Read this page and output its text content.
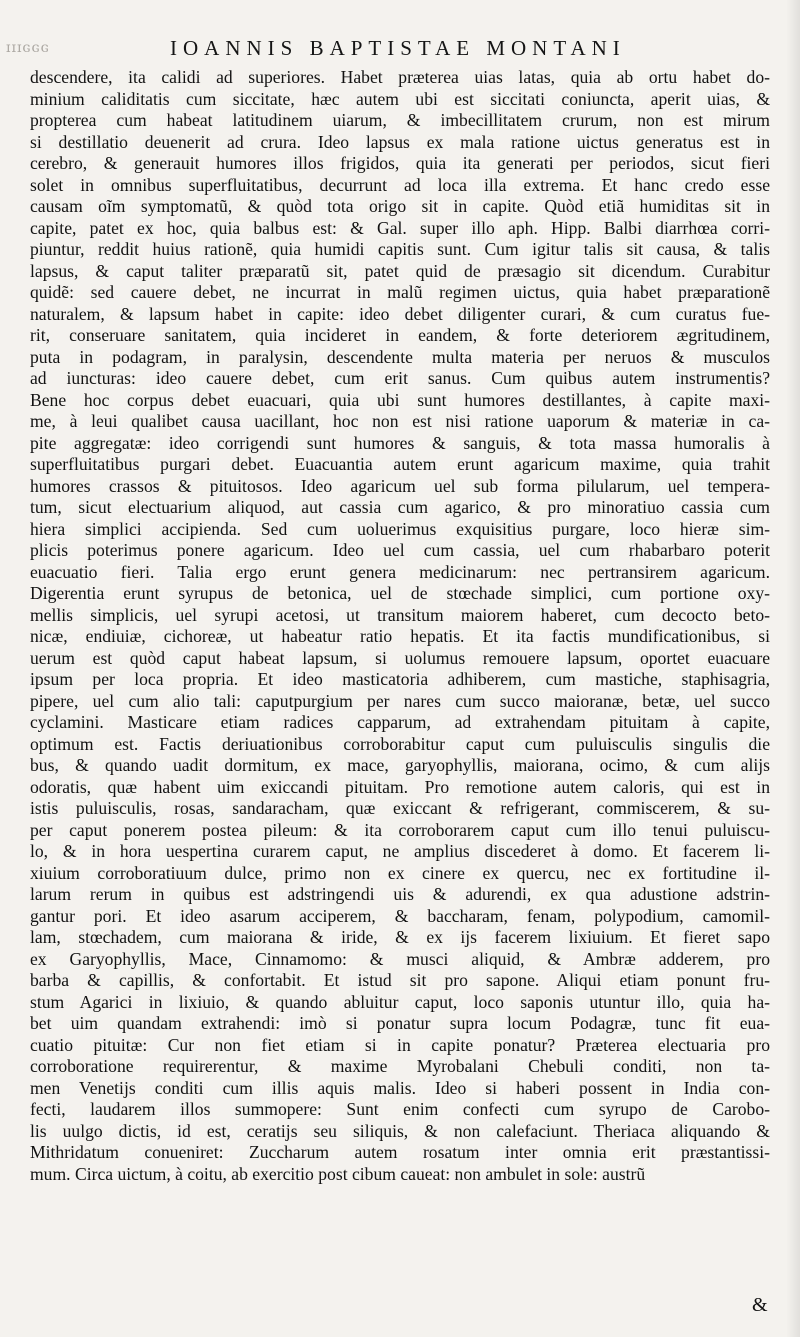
ɪɪɪɢɢɢ	IOANNIS BAPTISTAE MONTANI
descendere, ita calidi ad superiores. Habet præterea uias latas, quia ab ortu habet do-
minium caliditatis cum siccitate, hæc autem ubi est siccitati coniuncta, aperit uias, &
propterea cum habeat latitudinem uiarum, & imbecillitatem crurum, non est mirum
si destillatio deuenerit ad crura. Ideo lapsus ex mala ratione uictus generatus est in
cerebro, & generauit humores illos frigidos, quia ita generati per periodos, sicut fieri
solet in omnibus superfluitatibus, decurrunt ad loca illa extrema. Et hanc credo esse
causam oĩm symptomatũ, & quòd tota origo sit in capite. Quòd etiã humiditas sit in
capite, patet ex hoc, quia balbus est: & Gal. super illo aph. Hipp. Balbi diarrhœa corri-
piuntur, reddit huius rationẽ, quia humidi capitis sunt. Cum igitur talis sit causa, & talis
lapsus, & caput taliter præparatũ sit, patet quid de præsagio sit dicendum. Curabitur
quidẽ: sed cauere debet, ne incurrat in malũ regimen uictus, quia habet præparationẽ
naturalem, & lapsum habet in capite: ideo debet diligenter curari, & cum curatus fue-
rit, conseruare sanitatem, quia incideret in eandem, & forte deteriorem ægritudinem,
puta in podagram, in paralysin, descendente multa materia per neruos & musculos
ad iuncturas: ideo cauere debet, cum erit sanus. Cum quibus autem instrumentis?
Bene hoc corpus debet euacuari, quia ubi sunt humores destillantes, à capite maxi-
me, à leui qualibet causa uacillant, hoc non est nisi ratione uaporum & materiæ in ca-
pite aggregatæ: ideo corrigendi sunt humores & sanguis, & tota massa humoralis à
superfluitatibus purgari debet. Euacuantia autem erunt agaricum maxime, quia trahit
humores crassos & pituitosos. Ideo agaricum uel sub forma pilularum, uel tempera-
tum, sicut electuarium aliquod, aut cassia cum agarico, & pro minoratiuo cassia cum
hiera simplici accipienda. Sed cum uoluerimus exquisitius purgare, loco hieræ sim-
plicis poterimus ponere agaricum. Ideo uel cum cassia, uel cum rhabarbaro poterit
euacuatio fieri. Talia ergo erunt genera medicinarum: nec pertransirem agaricum.
Digerentia erunt syrupus de betonica, uel de stœchade simplici, cum portione oxy-
mellis simplicis, uel syrupi acetosi, ut transitum maiorem haberet, cum decocto beto-
nicæ, endiuiæ, cichoreæ, ut habeatur ratio hepatis. Et ita factis mundificationibus, si
uerum est quòd caput habeat lapsum, si uolumus remouere lapsum, oportet euacuare
ipsum per loca propria. Et ideo masticatoria adhiberem, cum mastiche, staphisagria,
pipere, uel cum alio tali: caputpurgium per nares cum succo maioranæ, betæ, uel succo
cyclamini. Masticare etiam radices capparum, ad extrahendam pituitam à capite,
optimum est. Factis deriuationibus corroborabitur caput cum puluisculis singulis die
bus, & quando uadit dormitum, ex mace, garyophyllis, maiorana, ocimo, & cum alijs
odoratis, quæ habent uim exiccandi pituitam. Pro remotione autem caloris, qui est in
istis puluisculis, rosas, sandaracham, quæ exiccant & refrigerant, commiscerem, & su-
per caput ponerem postea pileum: & ita corroborarem caput cum illo tenui puluiscu-
lo, & in hora uespertina curarem caput, ne amplius discederet à domo. Et facerem li-
xiuium corroboratiuum dulce, primo non ex cinere ex quercu, nec ex fortitudine il-
larum rerum in quibus est adstringendi uis & adurendi, ex qua adustione adstrin-
gantur pori. Et ideo asarum acciperem, & baccharam, fenam, polypodium, camomil-
lam, stœchadem, cum maiorana & iride, & ex ijs facerem lixiuium. Et fieret sapo
ex Garyophyllis, Mace, Cinnamomo: & musci aliquid, & Ambræ adderem, pro
barba & capillis, & confortabit. Et istud sit pro sapone. Aliqui etiam ponunt fru-
stum Agarici in lixiuio, & quando abluitur caput, loco saponis utuntur illo, quia ha-
bet uim quandam extrahendi: imò si ponatur supra locum Podagræ, tunc fit eua-
cuatio pituitæ: Cur non fiet etiam si in capite ponatur? Præterea electuaria pro
corroboratione requirerentur, & maxime Myrobalani Chebuli conditi, non ta-
men Venetijs conditi cum illis aquis malis. Ideo si haberi possent in India con-
fecti, laudarem illos summopere: Sunt enim confecti cum syrupo de Carobo-
lis uulgo dictis, id est, ceratijs seu siliquis, & non calefaciunt. Theriaca aliquando &
Mithridatum conueniret: Zuccharum autem rosatum inter omnia erit præstantissi-
mum. Circa uictum, à coitu, ab exercitio post cibum caueat: non ambulet in sole: austrũ
&
